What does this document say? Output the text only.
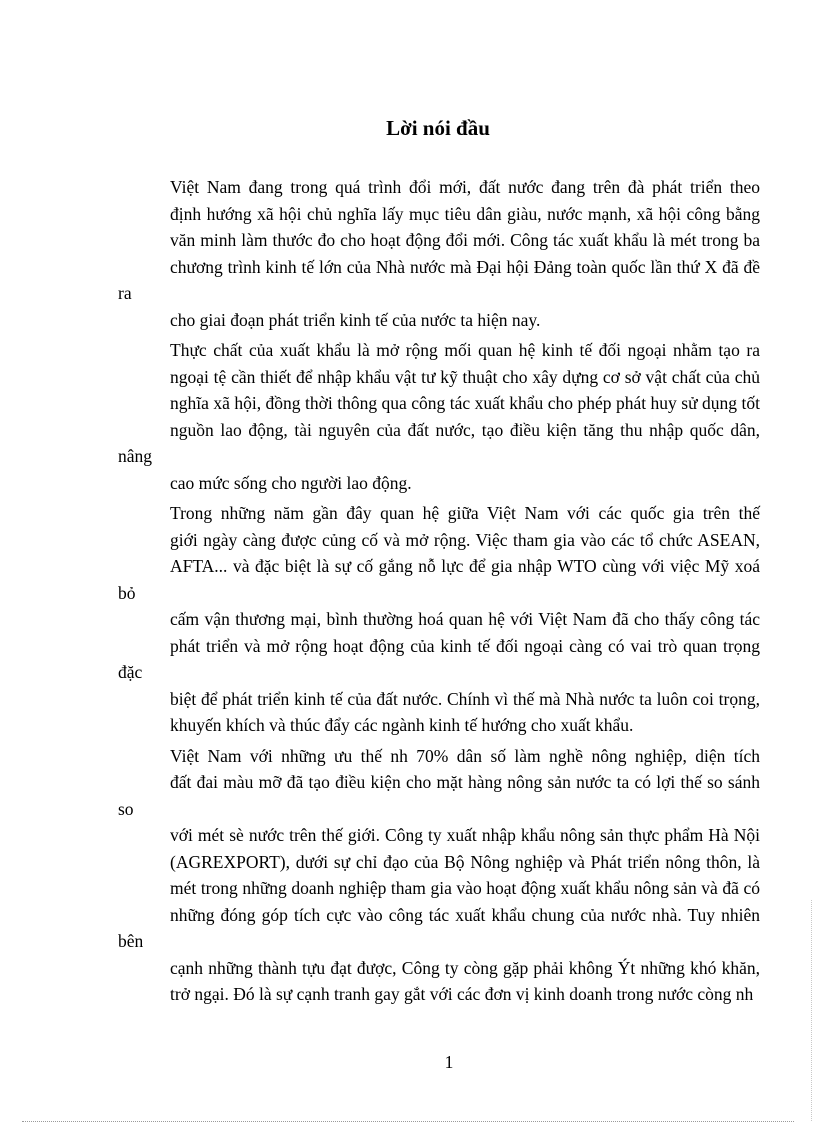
Lời nói đầu

Việt Nam đang trong quá trình đổi mới, đất nước đang trên đà phát triển theo
định hướng xã hội chủ nghĩa lấy mục tiêu dân giàu, nước mạnh, xã hội công bằng
văn minh làm thước đo cho hoạt động đổi mới. Công tác xuất khẩu là mét trong ba
chương trình kinh tế lớn của Nhà nước mà Đại hội Đảng toàn quốc lần thứ X đã đề ra
cho giai đoạn phát triển kinh tế của nước ta hiện nay.

Thực chất của xuất khẩu là mở rộng mối quan hệ kinh tế đối ngoại nhằm tạo ra
ngoại tệ cần thiết để nhập khẩu vật tư kỹ thuật cho xây dựng cơ sở vật chất của chủ
nghĩa xã hội, đồng thời thông qua công tác xuất khẩu cho phép phát huy sử dụng tốt
nguồn lao động, tài nguyên của đất nước, tạo điều kiện tăng thu nhập quốc dân, nâng
cao mức sống cho người lao động.

Trong những năm gần đây quan hệ giữa Việt Nam với các quốc gia trên thế
giới ngày càng được củng cố và mở rộng. Việc tham gia vào các tổ chức ASEAN,
AFTA... và đặc biệt là sự cố gắng nỗ lực để gia nhập WTO cùng với việc Mỹ xoá bỏ
cấm vận thương mại, bình thường hoá quan hệ với Việt Nam đã cho thấy công tác
phát triển và mở rộng hoạt động của kinh tế đối ngoại càng có vai trò quan trọng đặc
biệt để phát triển kinh tế của đất nước. Chính vì thế mà Nhà nước ta luôn coi trọng,
khuyến khích và thúc đẩy các ngành kinh tế hướng cho xuất khẩu.

Việt Nam với những ưu thế nh 70% dân số làm nghề nông nghiệp, diện tích
đất đai màu mỡ đã tạo điều kiện cho mặt hàng nông sản nước ta có lợi thế so sánh so
với mét sè nước trên thế giới. Công ty xuất nhập khẩu nông sản thực phẩm Hà Nội
(AGREXPORT), dưới sự chỉ đạo của Bộ Nông nghiệp và Phát triển nông thôn, là
mét trong những doanh nghiệp tham gia vào hoạt động xuất khẩu nông sản và đã có
những đóng góp tích cực vào công tác xuất khẩu chung của nước nhà. Tuy nhiên bên
cạnh những thành tựu đạt được, Công ty còng gặp phải không Ýt những khó khăn,
trở ngại. Đó là sự cạnh tranh gay gắt với các đơn vị kinh doanh trong nước còng nh

1
